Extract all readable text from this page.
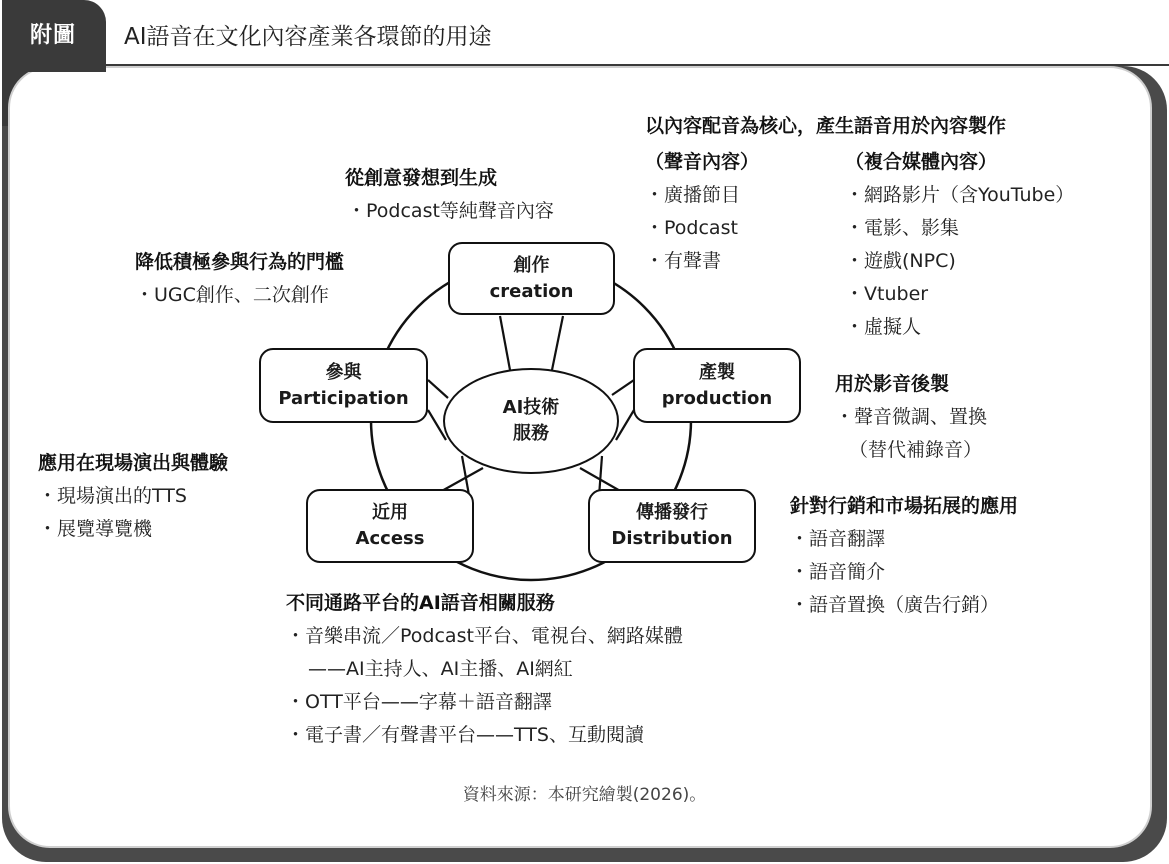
附圖 AI語音在文化內容產業各環節的用途
創作
creation
產製
production
傳播發行
Distribution
近用
Access
參與
Participation	AI技術
服務
從創意發想到生成
・ Podcast等純聲音內容
以內容配音為核心，產生語音用於內容製作
（聲音內容）
・ 廣播節目
・ Podcast
・ 有聲書
（複合媒體內容）
・ 網路影片（含YouTube）
・ 電影、影集
・ 遊戲(NPC)
・ Vtuber
・ 虛擬人
降低積極參與行為的門檻
・ UGC創作、二次創作
用於影音後製
・ 聲音微調、置換
（替代補錄音）
應用在現場演出與體驗
・ 現場演出的TTS
・ 展覽導覽機
針對行銷和市場拓展的應用
・ 語音翻譯
・ 語音簡介
・ 語音置換（廣告行銷）
不同通路平台的AI語音相關服務
・ 音樂串流／Podcast平台、電視台、網路媒體
——AI主持人、AI主播、AI網紅
・ OTT平台——字幕＋語音翻譯
・ 電子書／有聲書平台——TTS、互動閱讀
資料來源：本研究繪製(2026)。
